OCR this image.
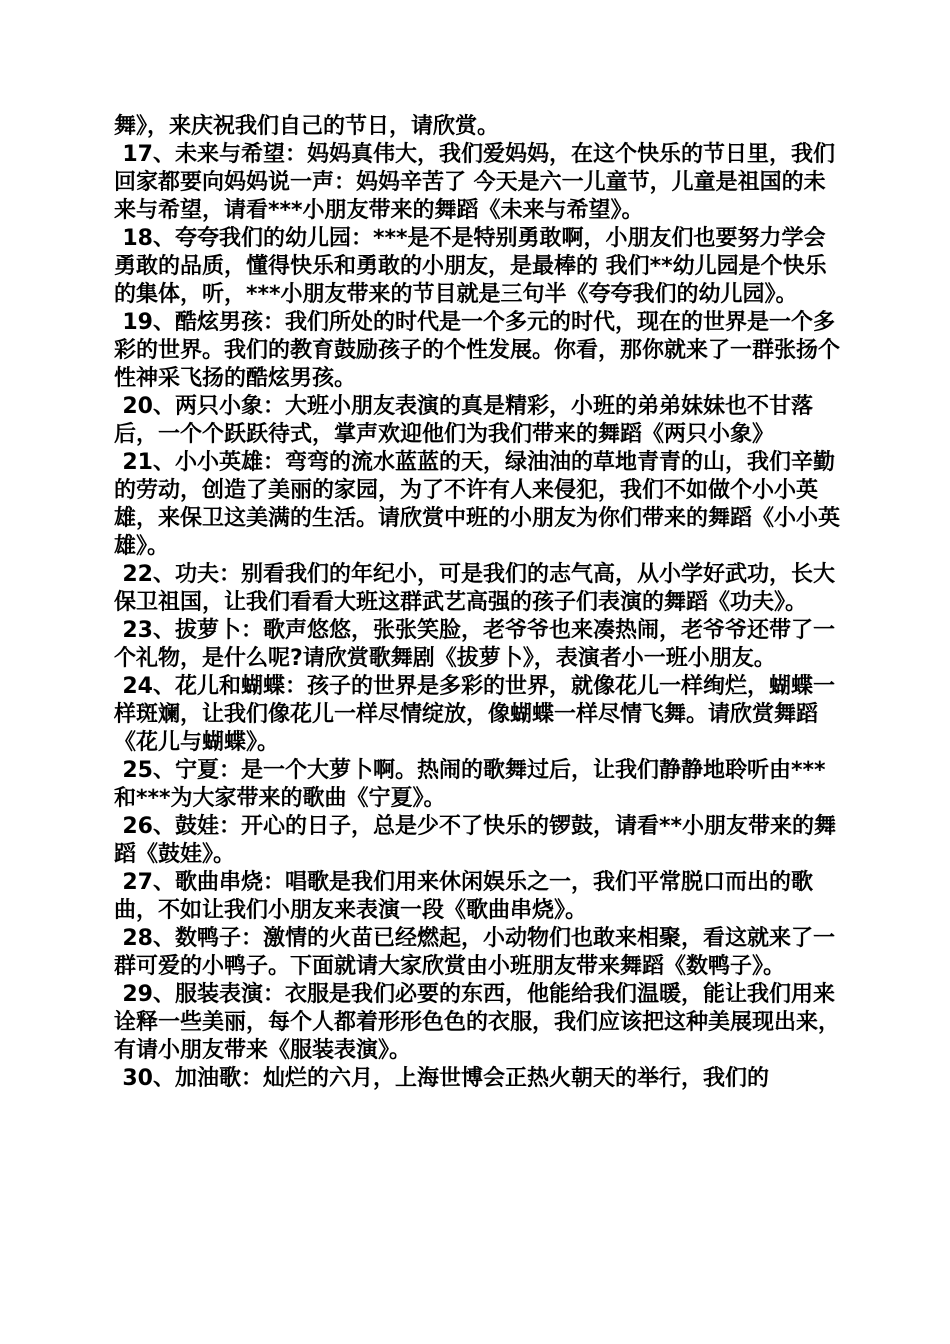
舞》，来庆祝我们自己的节日，请欣赏。

17、未来与希望：妈妈真伟大，我们爱妈妈，在这个快乐的节日里，我们回家都要向妈妈说一声：妈妈辛苦了 今天是六一儿童节，儿童是祖国的未来与希望，请看***小朋友带来的舞蹈《未来与希望》。

18、夸夸我们的幼儿园：***是不是特别勇敢啊，小朋友们也要努力学会勇敢的品质，懂得快乐和勇敢的小朋友，是最棒的 我们**幼儿园是个快乐的集体，听，***小朋友带来的节目就是三句半《夸夸我们的幼儿园》。

19、酷炫男孩：我们所处的时代是一个多元的时代，现在的世界是一个多彩的世界。我们的教育鼓励孩子的个性发展。你看，那你就来了一群张扬个性神采飞扬的酷炫男孩。

20、两只小象：大班小朋友表演的真是精彩，小班的弟弟妹妹也不甘落后，一个个跃跃待式，掌声欢迎他们为我们带来的舞蹈《两只小象》

21、小小英雄：弯弯的流水蓝蓝的天，绿油油的草地青青的山，我们辛勤的劳动，创造了美丽的家园，为了不许有人来侵犯，我们不如做个小小英雄，来保卫这美满的生活。请欣赏中班的小朋友为你们带来的舞蹈《小小英雄》。

22、功夫：别看我们的年纪小，可是我们的志气高，从小学好武功，长大保卫祖国，让我们看看大班这群武艺高强的孩子们表演的舞蹈《功夫》。

23、拔萝卜：歌声悠悠，张张笑脸，老爷爷也来凑热闹，老爷爷还带了一个礼物，是什么呢?请欣赏歌舞剧《拔萝卜》，表演者小一班小朋友。

24、花儿和蝴蝶：孩子的世界是多彩的世界，就像花儿一样绚烂，蝴蝶一样斑斓，让我们像花儿一样尽情绽放，像蝴蝶一样尽情飞舞。请欣赏舞蹈《花儿与蝴蝶》。

25、宁夏：是一个大萝卜啊。热闹的歌舞过后，让我们静静地聆听由***和***为大家带来的歌曲《宁夏》。

26、鼓娃：开心的日子，总是少不了快乐的锣鼓，请看**小朋友带来的舞蹈《鼓娃》。

27、歌曲串烧：唱歌是我们用来休闲娱乐之一，我们平常脱口而出的歌曲，不如让我们小朋友来表演一段《歌曲串烧》。

28、数鸭子：激情的火苗已经燃起，小动物们也敢来相聚，看这就来了一群可爱的小鸭子。下面就请大家欣赏由小班朋友带来舞蹈《数鸭子》。

29、服装表演：衣服是我们必要的东西，他能给我们温暖，能让我们用来诠释一些美丽，每个人都着形形色色的衣服，我们应该把这种美展现出来，有请小朋友带来《服装表演》。

30、加油歌：灿烂的六月，上海世博会正热火朝天的举行，我们的
